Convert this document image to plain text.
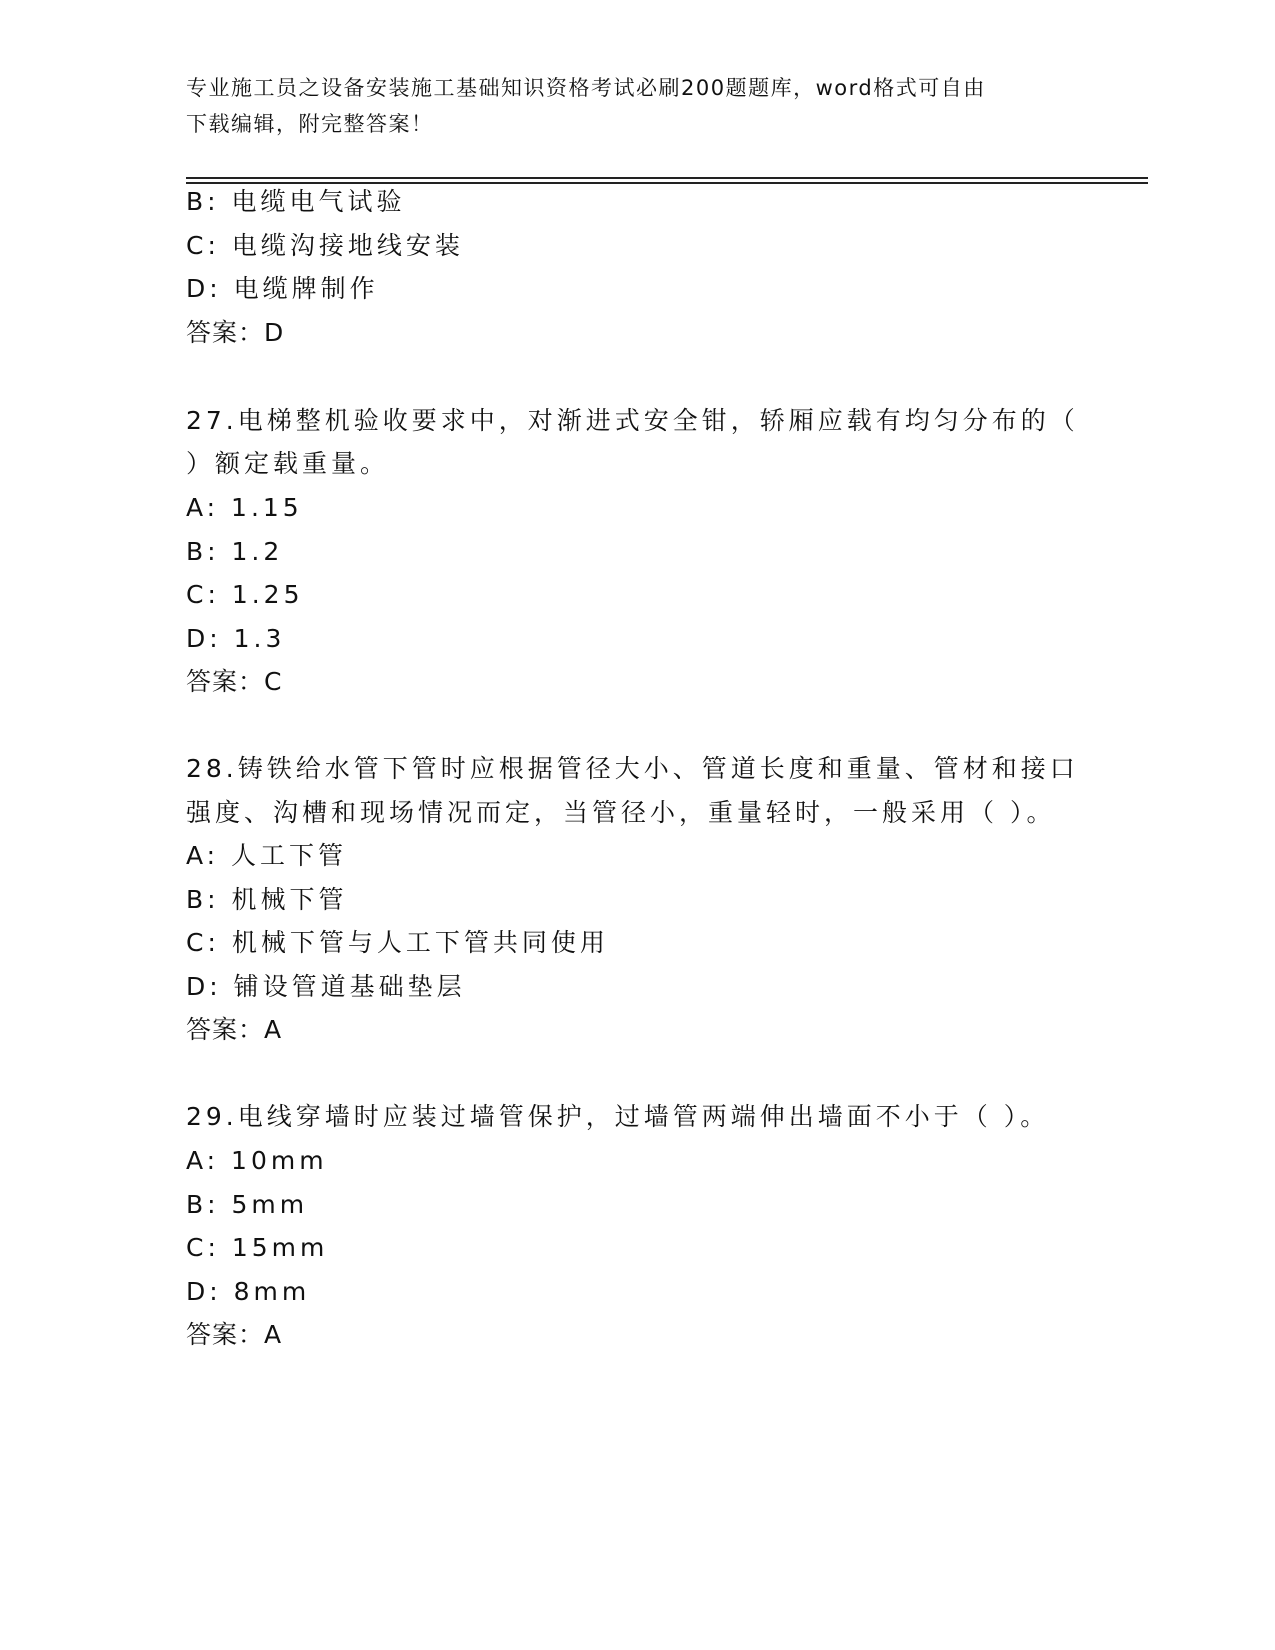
专业施工员之设备安装施工基础知识资格考试必刷200题题库，word格式可自由
下载编辑，附完整答案！
B: 电缆电气试验
C: 电缆沟接地线安装
D: 电缆牌制作
答案：D
27.电梯整机验收要求中，对渐进式安全钳，轿厢应载有均匀分布的（
）额定载重量。
A: 1.15
B: 1.2
C: 1.25
D: 1.3
答案：C
28.铸铁给水管下管时应根据管径大小、管道长度和重量、管材和接口
强度、沟槽和现场情况而定，当管径小，重量轻时，一般采用（ ）。
A: 人工下管
B: 机械下管
C: 机械下管与人工下管共同使用
D: 铺设管道基础垫层
答案：A
29.电线穿墙时应装过墙管保护，过墙管两端伸出墙面不小于（ ）。
A: 10mm
B: 5mm
C: 15mm
D: 8mm
答案：A
